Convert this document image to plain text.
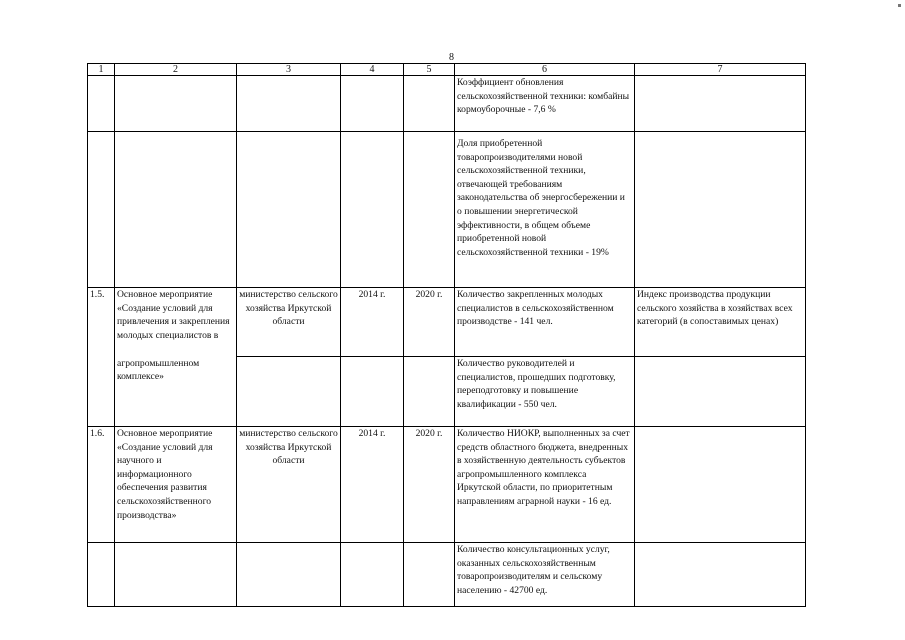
8
1	2	3	4	5	6	7
					Коэффициент обновления сельскохозяйственной техники: комбайны кормоуборочные - 7,6 %	
					Доля приобретенной товаропроизводителями новой сельскохозяйственной техники, отвечающей требованиям законодательства об энергосбережении и о повышении энергетической эффективности, в общем объеме приобретенной новой сельскохозяйственной техники - 19%	
1.5.	Основное мероприятие «Создание условий для привлечения и закрепления молодых специалистов в	министерство сельского хозяйства Иркутской области	2014 г.	2020 г.	Количество закрепленных молодых специалистов в сельскохозяйственном производстве - 141 чел.	Индекс производства продукции сельского хозяйства в хозяйствах всех категорий (в сопоставимых ценах)
	агропромышленном комплексе»				Количество руководителей и специалистов, прошедших подготовку, переподготовку и повышение квалификации - 550 чел.	
1.6.	Основное мероприятие «Создание условий для научного и информационного обеспечения развития сельскохозяйственного производства»	министерство сельского хозяйства Иркутской области	2014 г.	2020 г.	Количество НИОКР, выполненных за счет средств областного бюджета, внедренных в хозяйственную деятельность субъектов агропромышленного комплекса Иркутской области, по приоритетным направлениям аграрной науки - 16 ед.	
					Количество консультационных услуг, оказанных сельскохозяйственным товаропроизводителям и сельскому населению - 42700 ед.	
